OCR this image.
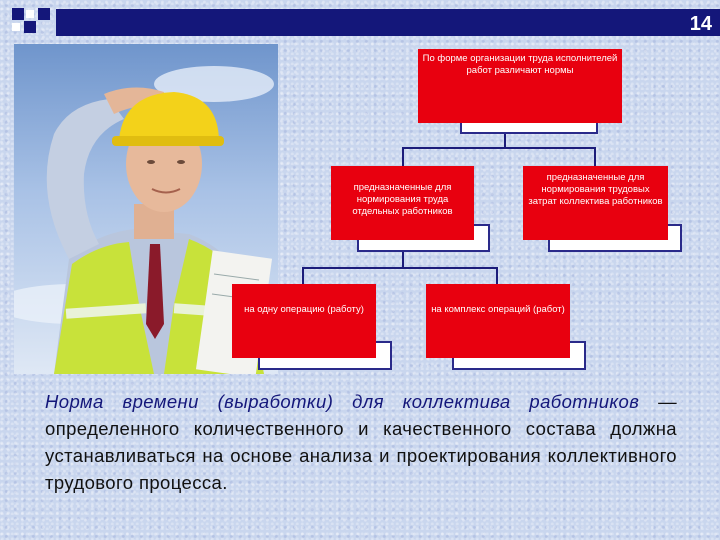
14
По форме организации труда исполнителей работ различают нормы
предназначенные для нормирования труда отдельных работников
предназначенные для нормирования трудовых затрат коллектива работников
на одну операцию (работу)	на комплекс операций (работ)
Норма времени (выработки) для коллектива работников — определенного количественного и качественного состава должна устанавливаться на основе анализа и проектирования коллективного трудового процесса.
